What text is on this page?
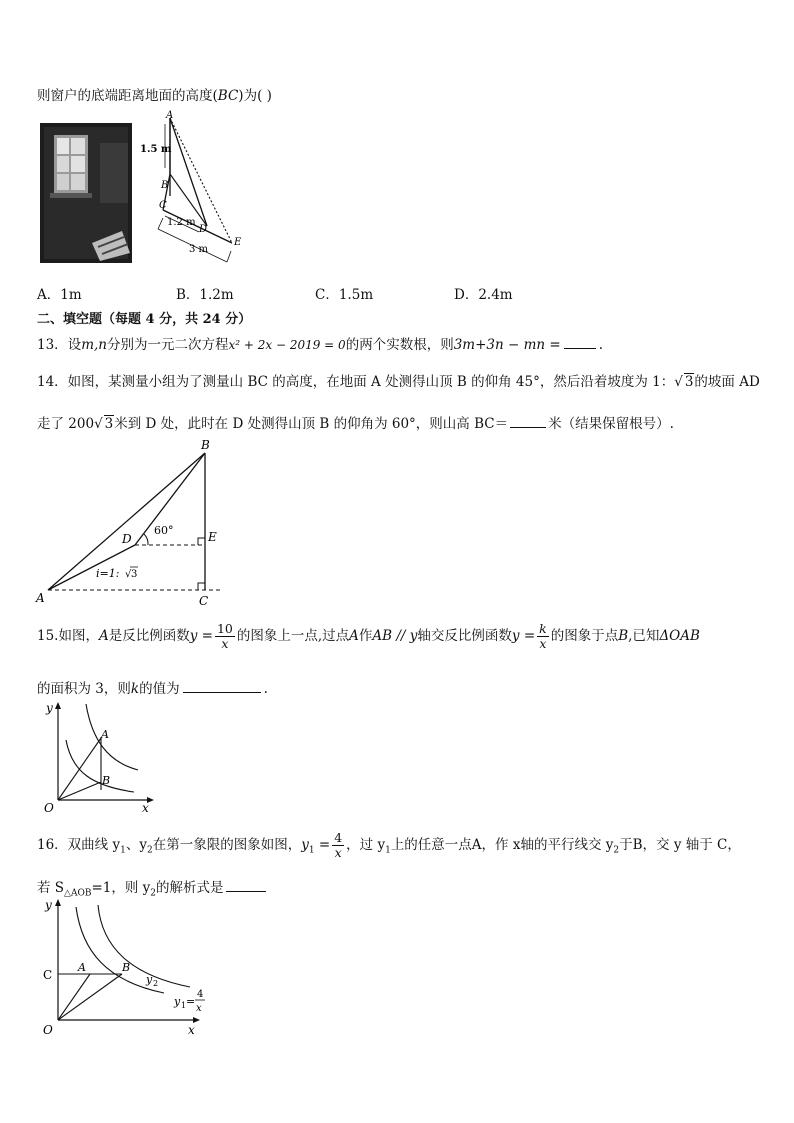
则窗户的底端距离地面的高度(BC)为( )
A
B
C
D
E
1.5 m
1.2 m
3 m
A．1m	B．1.2m	C．1.5m	D．2.4m
二、填空题（每题 4 分，共 24 分）
13．设m,n分别为一元二次方程x² + 2x − 2019 = 0的两个实数根，则3m+3n − mn =	.
14．如图，某测量小组为了测量山 BC 的高度，在地面 A 处测得山顶 B 的仰角 45°，然后沿着坡度为 1：√ 3的坡面 AD
走了 200√ 3米到 D 处，此时在 D 处测得山顶 B 的仰角为 60°，则山高 BC＝	米（结果保留根号）.
B
A	C
D	E
60°
i=1: √ 3
15.如图，A是反比例函数$y = \frac{10}{x}$ 的图象上一点,过点A作AB // y轴交反比例函数$y = \frac{k}{x}$ 的图象于点B,已知ΔOAB
的面积为 3，则k的值为	.
y
x
O
A
B
16．双曲线 $y_1$、$y_2$在第一象限的图象如图，$y_1 = \frac{4}{x}$ ，过 $y_1$上的任意一点A，作 x轴的平行线交 $y_2$于B，交 y 轴于 C，
若 $S_{\triangle AOB}=1$，则 $y_2$的解析式是
y
x
O
C
A	B
y 2
y 1 =
4
x
